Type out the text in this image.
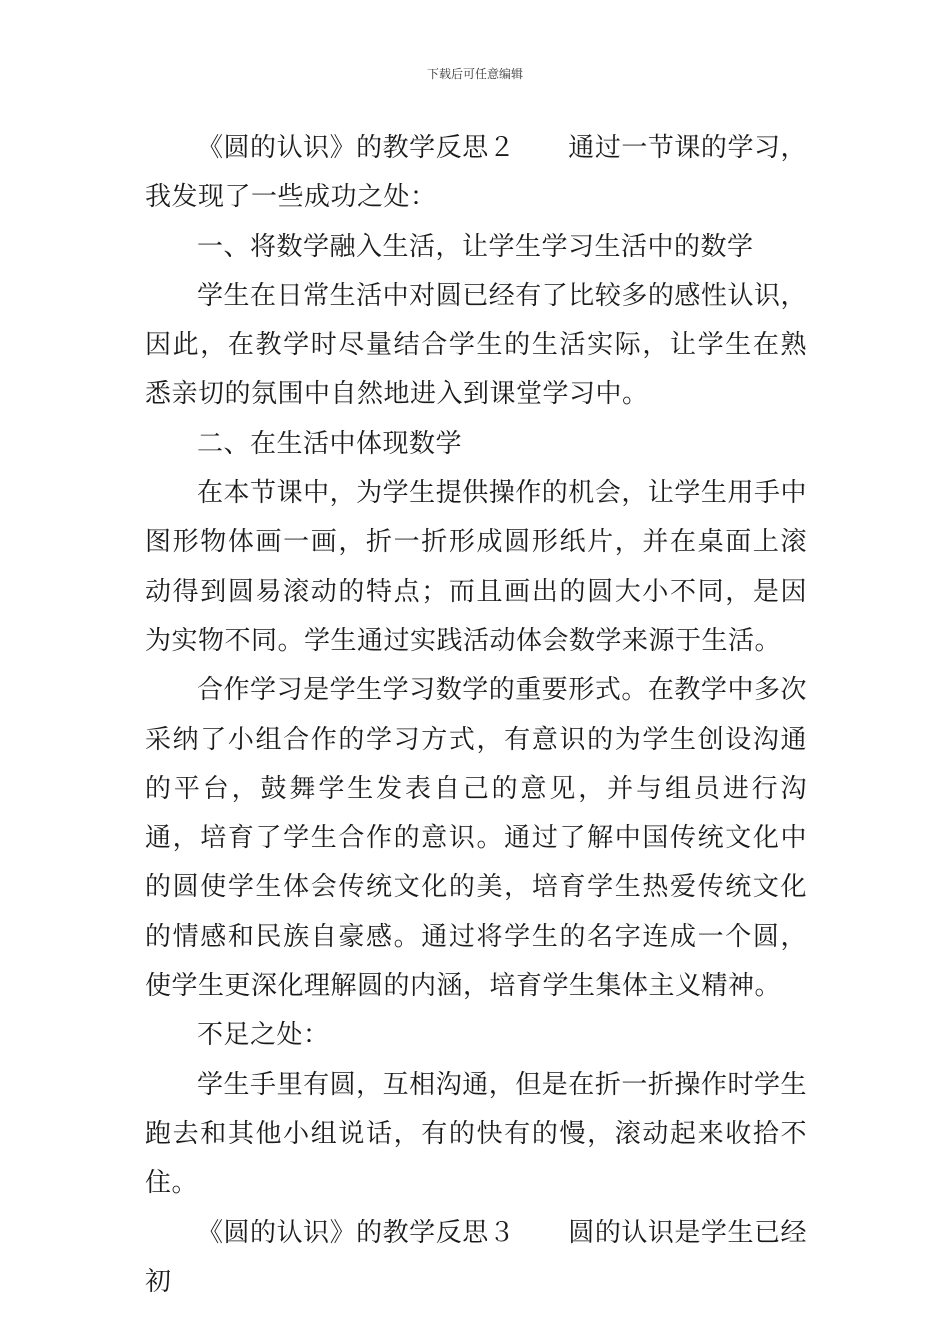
下载后可任意编辑

《圆的认识》的教学反思２　　通过一节课的学习，我发现了一些成功之处：

一、将数学融入生活，让学生学习生活中的数学

学生在日常生活中对圆已经有了比较多的感性认识，因此，在教学时尽量结合学生的生活实际，让学生在熟悉亲切的氛围中自然地进入到课堂学习中。

二、在生活中体现数学

在本节课中，为学生提供操作的机会，让学生用手中图形物体画一画，折一折形成圆形纸片，并在桌面上滚动得到圆易滚动的特点；而且画出的圆大小不同，是因为实物不同。学生通过实践活动体会数学来源于生活。

合作学习是学生学习数学的重要形式。在教学中多次采纳了小组合作的学习方式，有意识的为学生创设沟通的平台，鼓舞学生发表自己的意见，并与组员进行沟通，培育了学生合作的意识。通过了解中国传统文化中的圆使学生体会传统文化的美，培育学生热爱传统文化的情感和民族自豪感。通过将学生的名字连成一个圆，使学生更深化理解圆的内涵，培育学生集体主义精神。

不足之处：

学生手里有圆，互相沟通，但是在折一折操作时学生跑去和其他小组说话，有的快有的慢，滚动起来收拾不住。

《圆的认识》的教学反思３　　圆的认识是学生已经初
